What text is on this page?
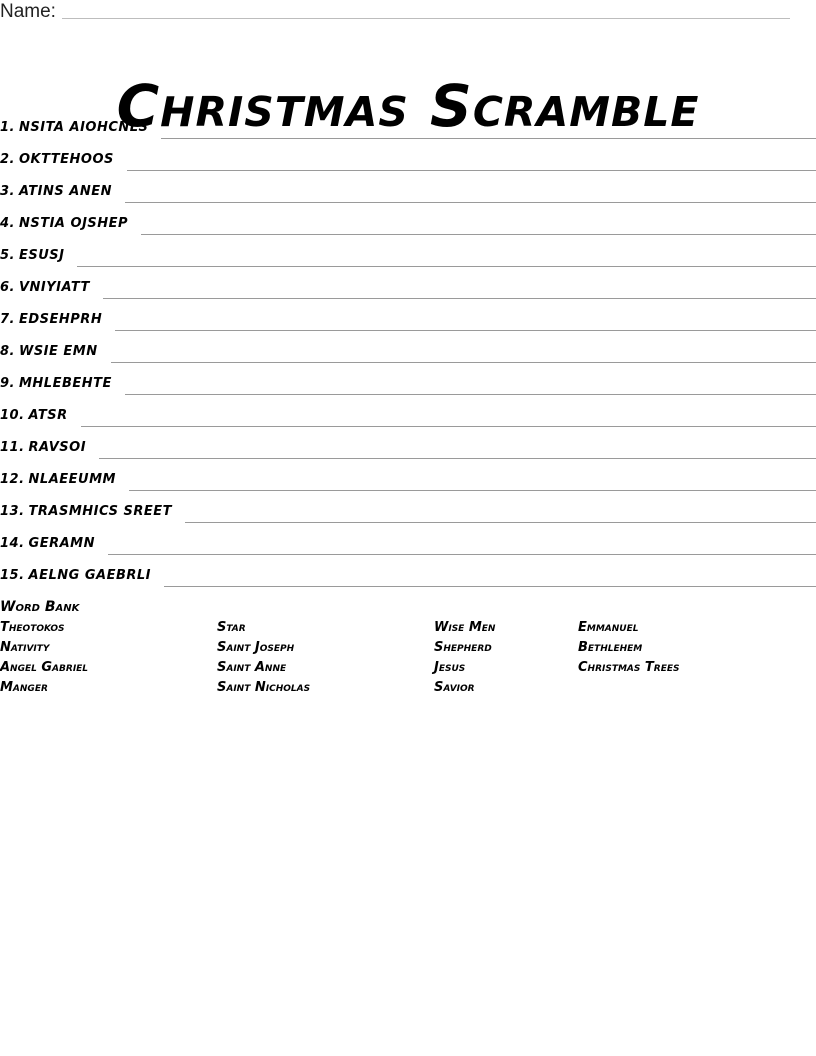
Name:
Christmas Scramble
1. NSITA AIOHCNLS
2. OKTTEHOOS
3. ATINS ANEN
4. NSTIA OJSHEP
5. ESUSJ
6. VNIYIATT
7. EDSEHPRH
8. WSIE EMN
9. MHLEBEHTE
10. ATSR
11. RAVSOI
12. NLAEEUMM
13. TRASMHICS SREET
14. GERAMN
15. AELNG GAEBRLI
Word Bank
Theotokos	Star	Wise Men	Emmanuel
Nativity	Saint Joseph	Shepherd	Bethlehem
Angel Gabriel	Saint Anne	Jesus	Christmas Trees
Manger	Saint Nicholas	Savior
